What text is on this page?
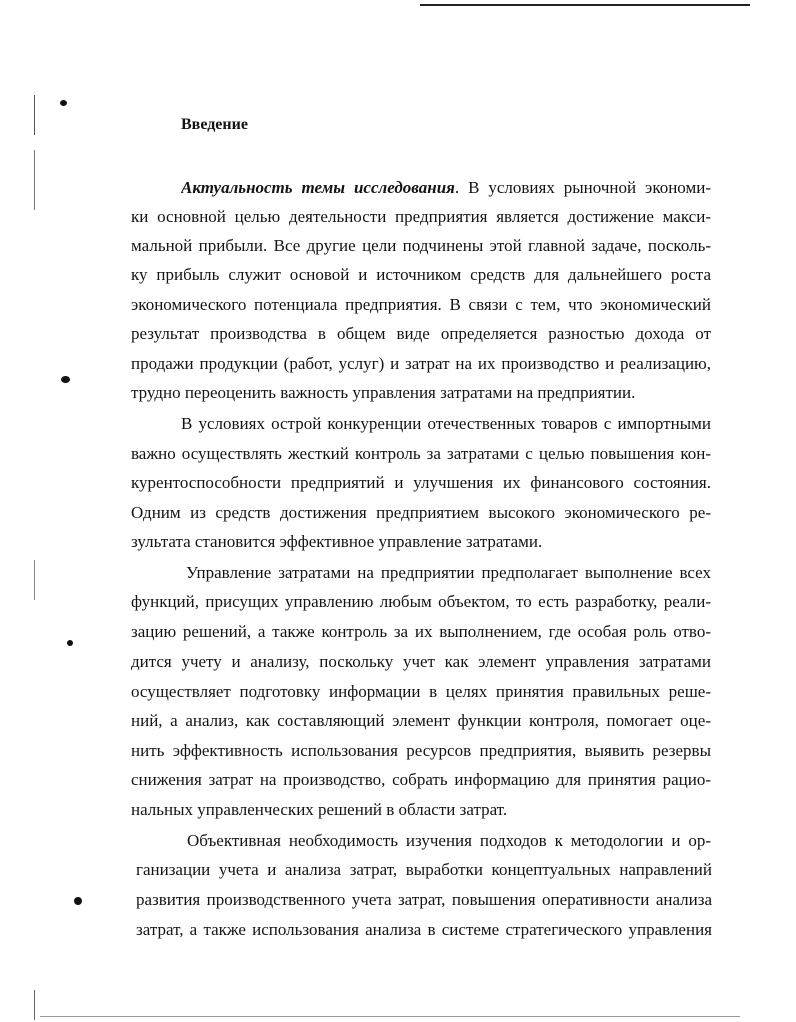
Введение
Актуальность темы исследования. В условиях рыночной экономи-
ки основной целью деятельности предприятия является достижение макси-
мальной прибыли. Все другие цели подчинены этой главной задаче, посколь-
ку прибыль служит основой и источником средств для дальнейшего роста
экономического потенциала предприятия. В связи с тем, что экономический
результат производства в общем виде определяется разностью дохода от
продажи продукции (работ, услуг) и затрат на их производство и реализацию,
трудно переоценить важность управления затратами на предприятии.
В условиях острой конкуренции отечественных товаров с импортными
важно осуществлять жесткий контроль за затратами с целью повышения кон-
курентоспособности предприятий и улучшения их финансового состояния.
Одним из средств достижения предприятием высокого экономического ре-
зультата становится эффективное управление затратами.
Управление затратами на предприятии предполагает выполнение всех
функций, присущих управлению любым объектом, то есть разработку, реали-
зацию решений, а также контроль за их выполнением, где особая роль отво-
дится учету и анализу, поскольку учет как элемент управления затратами
осуществляет подготовку информации в целях принятия правильных реше-
ний, а анализ, как составляющий элемент функции контроля, помогает оце-
нить эффективность использования ресурсов предприятия, выявить резервы
снижения затрат на производство, собрать информацию для принятия рацио-
нальных управленческих решений в области затрат.
Объективная необходимость изучения подходов к методологии и ор-
ганизации учета и анализа затрат, выработки концептуальных направлений
развития производственного учета затрат, повышения оперативности анализа
затрат, а также использования анализа в системе стратегического управления
